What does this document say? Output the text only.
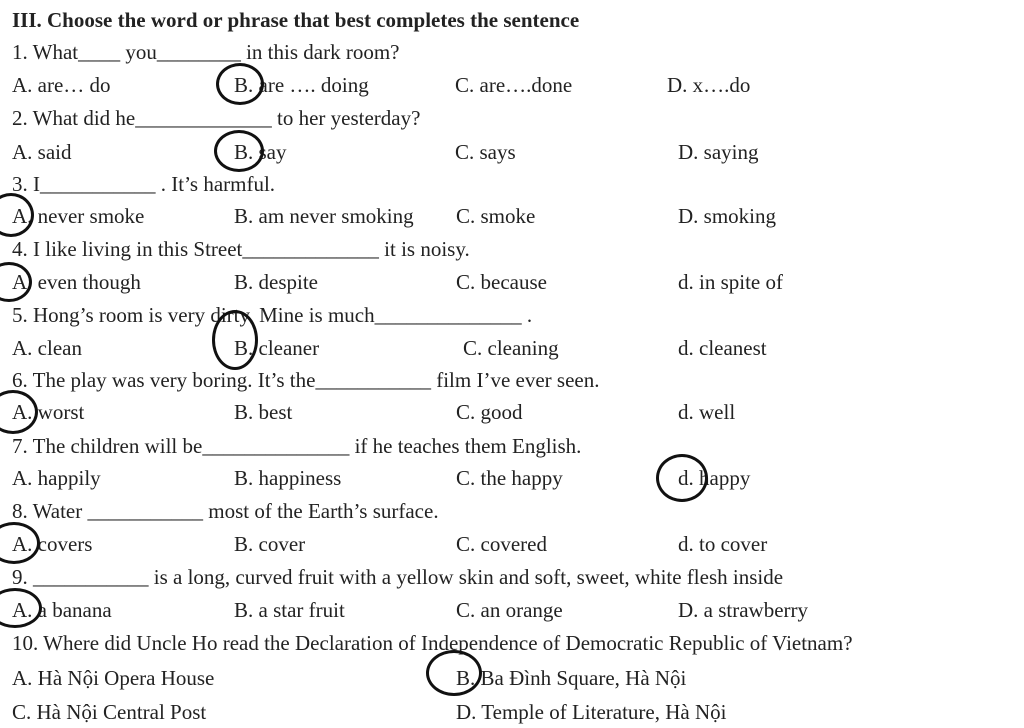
III. Choose the word or phrase that best completes the sentence
1. What____ you________ in this dark room?
A. are… do	B. are …. doing	C. are….done	D. x….do
2. What did he_____________ to her yesterday?
A. said	B. say	C. says	D. saying
3. I___________ . It’s harmful.
A. never smoke	B. am never smoking C. smoke	D. smoking
4. I like living in this Street_____________ it is noisy.
A. even though	B. despite	C. because	d. in spite of
5. Hong’s room is very dirty. Mine is much______________ .
A. clean	B. cleaner	C. cleaning	d. cleanest
6. The play was very boring. It’s the___________ film I’ve ever seen.
A. worst	B. best	C. good	d. well
7. The children will be______________ if he teaches them English.
A. happily	B. happiness	C. the happy	d. happy
8. Water ___________ most of the Earth’s surface.
A. covers	B. cover	C. covered	d. to cover
9. ___________ is a long, curved fruit with a yellow skin and soft, sweet, white flesh inside
A. a banana	B. a star fruit	C. an orange	D. a strawberry
10. Where did Uncle Ho read the Declaration of Independence of Democratic Republic of Vietnam?
A. Hà Nội Opera House	B. Ba Đình Square, Hà Nội
C. Hà Nội Central Post	D. Temple of Literature, Hà Nội
